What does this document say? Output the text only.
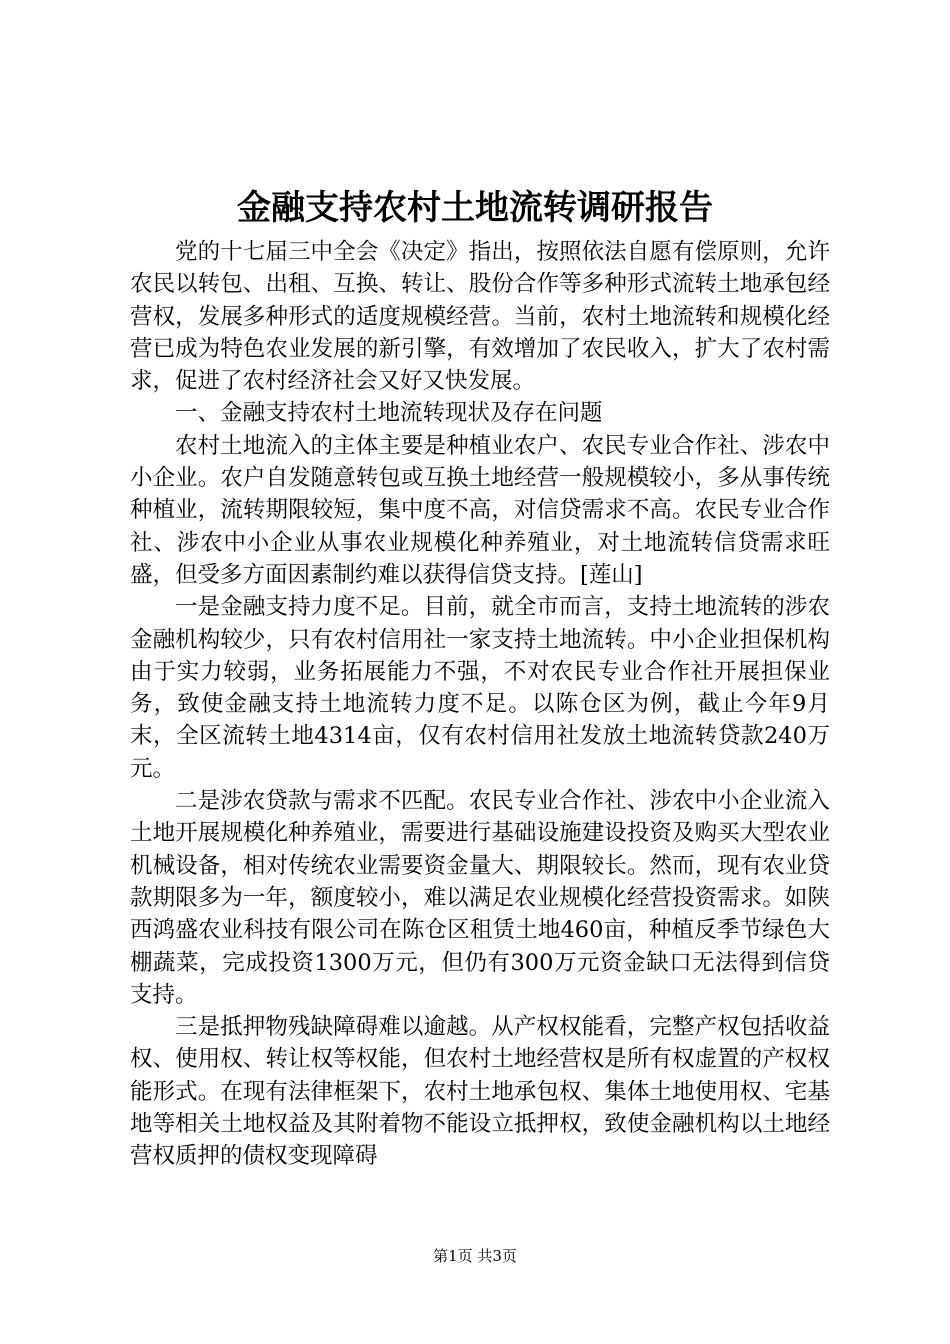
金融支持农村土地流转调研报告

党的十七届三中全会《决定》指出，按照依法自愿有偿原则，允许农民以转包、出租、互换、转让、股份合作等多种形式流转土地承包经营权，发展多种形式的适度规模经营。当前，农村土地流转和规模化经营已成为特色农业发展的新引擎，有效增加了农民收入，扩大了农村需求，促进了农村经济社会又好又快发展。

一、金融支持农村土地流转现状及存在问题

农村土地流入的主体主要是种植业农户、农民专业合作社、涉农中小企业。农户自发随意转包或互换土地经营一般规模较小，多从事传统种植业，流转期限较短，集中度不高，对信贷需求不高。农民专业合作社、涉农中小企业从事农业规模化种养殖业，对土地流转信贷需求旺盛，但受多方面因素制约难以获得信贷支持。[莲山]

一是金融支持力度不足。目前，就全市而言，支持土地流转的涉农金融机构较少，只有农村信用社一家支持土地流转。中小企业担保机构由于实力较弱，业务拓展能力不强，不对农民专业合作社开展担保业务，致使金融支持土地流转力度不足。以陈仓区为例，截止今年9月末，全区流转土地4314亩，仅有农村信用社发放土地流转贷款240万元。

二是涉农贷款与需求不匹配。农民专业合作社、涉农中小企业流入土地开展规模化种养殖业，需要进行基础设施建设投资及购买大型农业机械设备，相对传统农业需要资金量大、期限较长。然而，现有农业贷款期限多为一年，额度较小，难以满足农业规模化经营投资需求。如陕西鸿盛农业科技有限公司在陈仓区租赁土地460亩，种植反季节绿色大棚蔬菜，完成投资1300万元，但仍有300万元资金缺口无法得到信贷支持。

三是抵押物残缺障碍难以逾越。从产权权能看，完整产权包括收益权、使用权、转让权等权能，但农村土地经营权是所有权虚置的产权权能形式。在现有法律框架下，农村土地承包权、集体土地使用权、宅基地等相关土地权益及其附着物不能设立抵押权，致使金融机构以土地经营权质押的债权变现障碍

第1页 共3页
